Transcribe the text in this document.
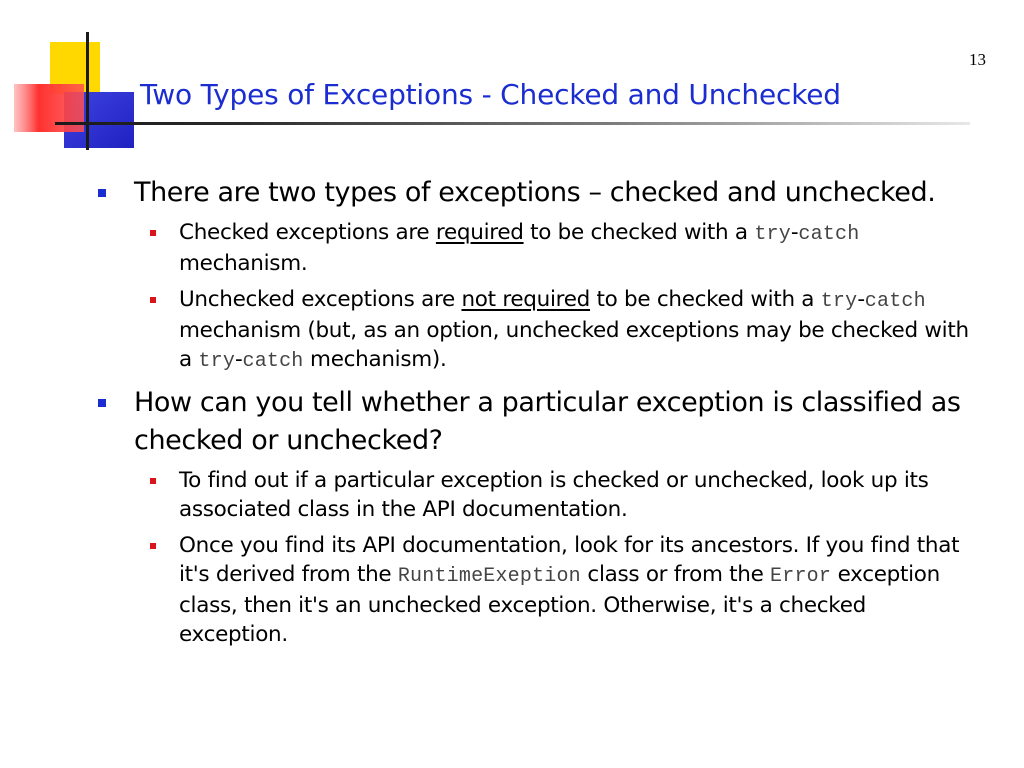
13
Two Types of Exceptions - Checked and Unchecked
There are two types of exceptions – checked and unchecked.
Checked exceptions are required to be checked with a try-catch mechanism.
Unchecked exceptions are not required to be checked with a try-catch mechanism (but, as an option, unchecked exceptions may be checked with a try-catch mechanism).
How can you tell whether a particular exception is classified as checked or unchecked?
To find out if a particular exception is checked or unchecked, look up its associated class in the API documentation.
Once you find its API documentation, look for its ancestors. If you find that it's derived from the RuntimeExeption class or from the Error exception class, then it's an unchecked exception. Otherwise, it's a checked exception.
